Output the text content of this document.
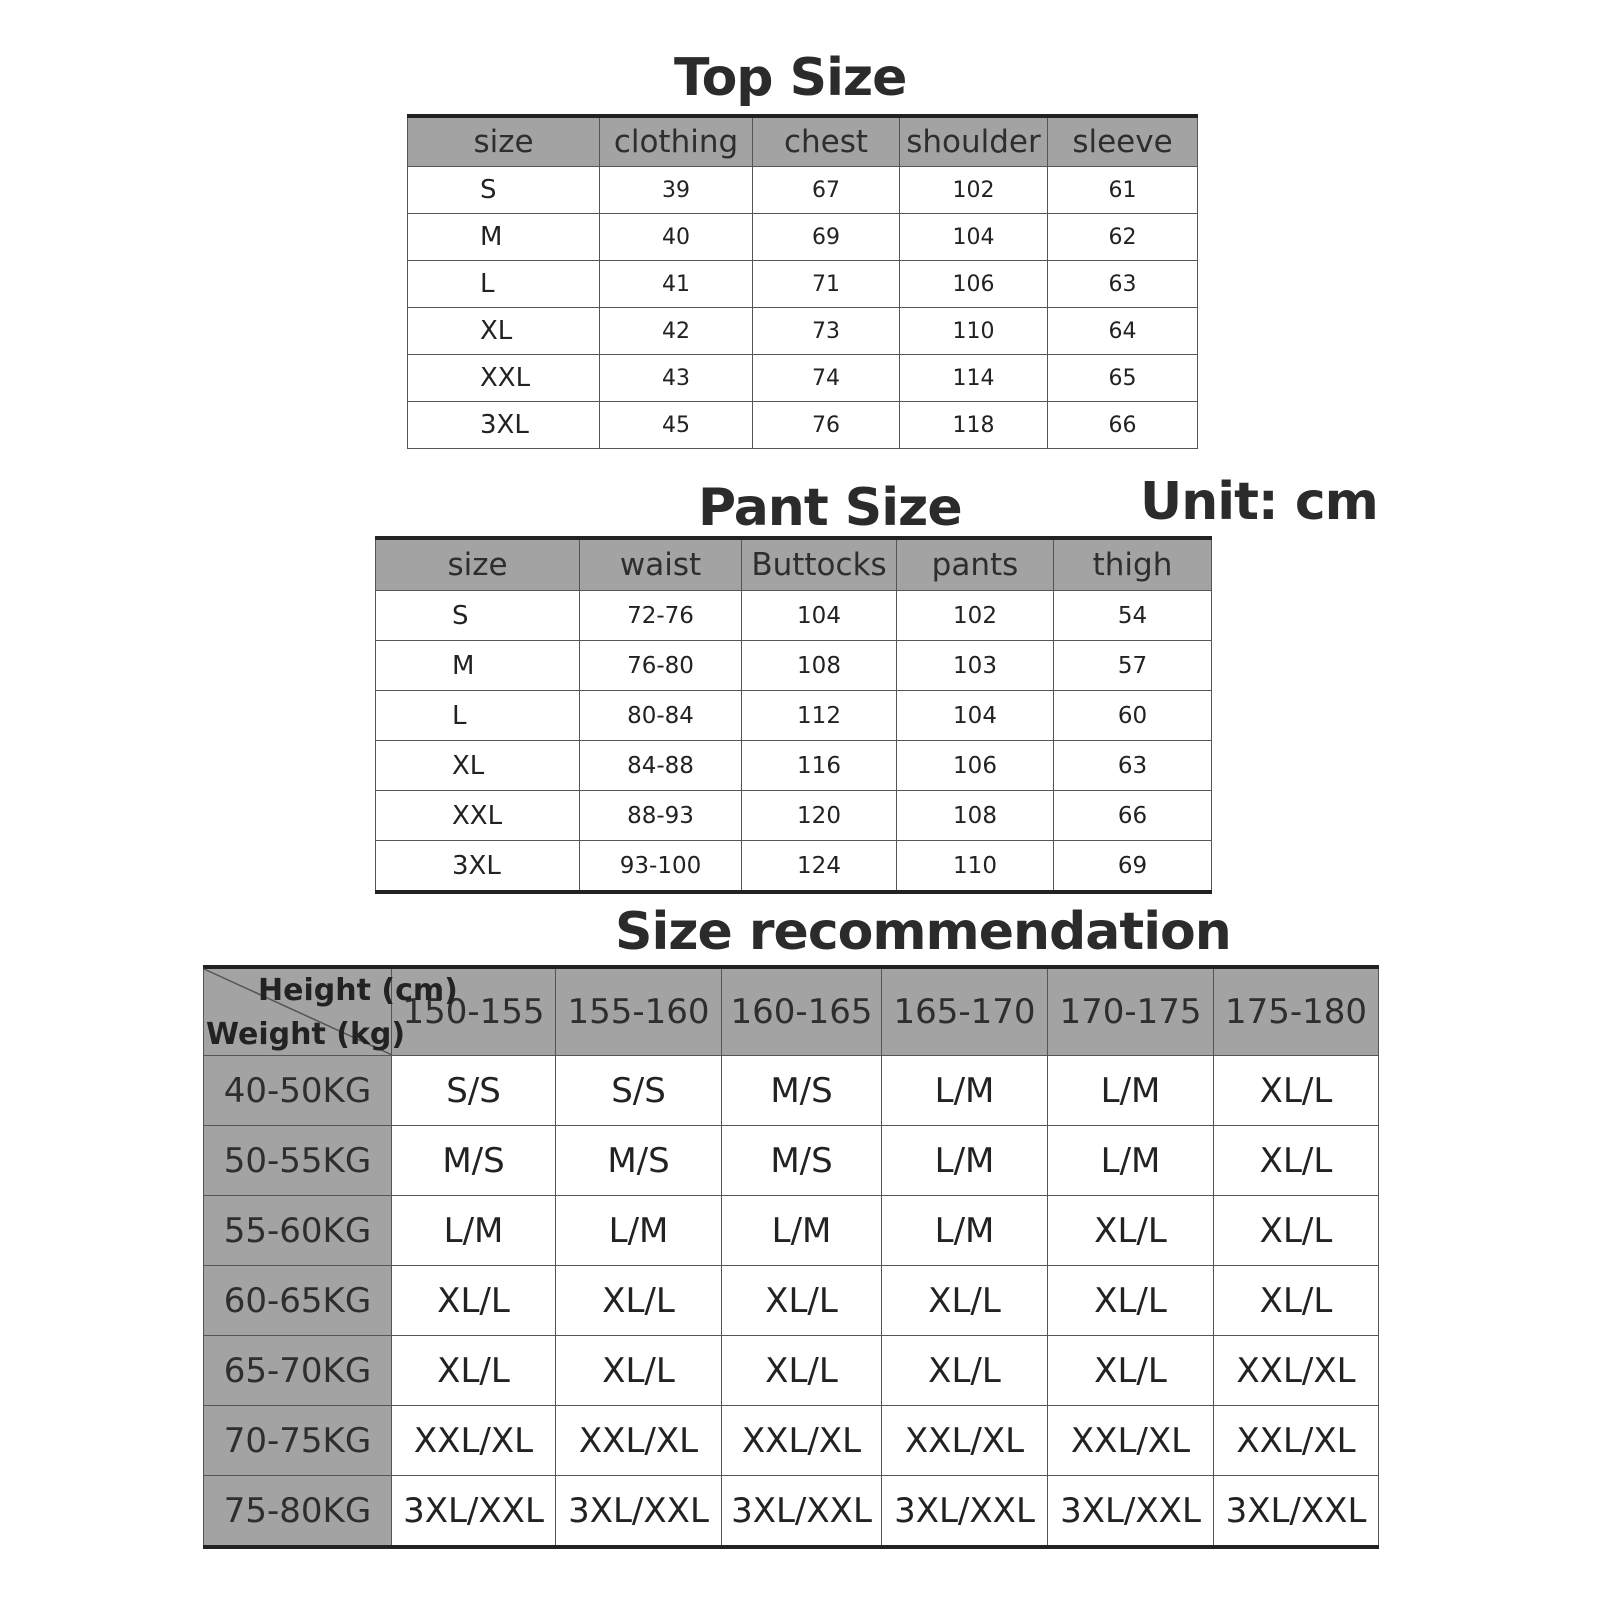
Top Size
size	clothing	chest	shoulder	sleeve
S	39	67	102	61
M	40	69	104	62
L	41	71	106	63
XL	42	73	110	64
XXL	43	74	114	65
3XL	45	76	118	66
Pant Size	Unit: cm
size	waist	Buttocks	pants	thigh
S	72-76	104	102	54
M	76-80	108	103	57
L	80-84	112	104	60
XL	84-88	116	106	63
XXL	88-93	120	108	66
3XL	93-100	124	110	69
Size recommendation
Height (cm)
Weight (kg)	150-155	155-160	160-165	165-170	170-175	175-180
40-50KG	S/S	S/S	M/S	L/M	L/M	XL/L
50-55KG	M/S	M/S	M/S	L/M	L/M	XL/L
55-60KG	L/M	L/M	L/M	L/M	XL/L	XL/L
60-65KG	XL/L	XL/L	XL/L	XL/L	XL/L	XL/L
65-70KG	XL/L	XL/L	XL/L	XL/L	XL/L	XXL/XL
70-75KG	XXL/XL	XXL/XL	XXL/XL	XXL/XL	XXL/XL	XXL/XL
75-80KG	3XL/XXL	3XL/XXL	3XL/XXL	3XL/XXL	3XL/XXL	3XL/XXL
